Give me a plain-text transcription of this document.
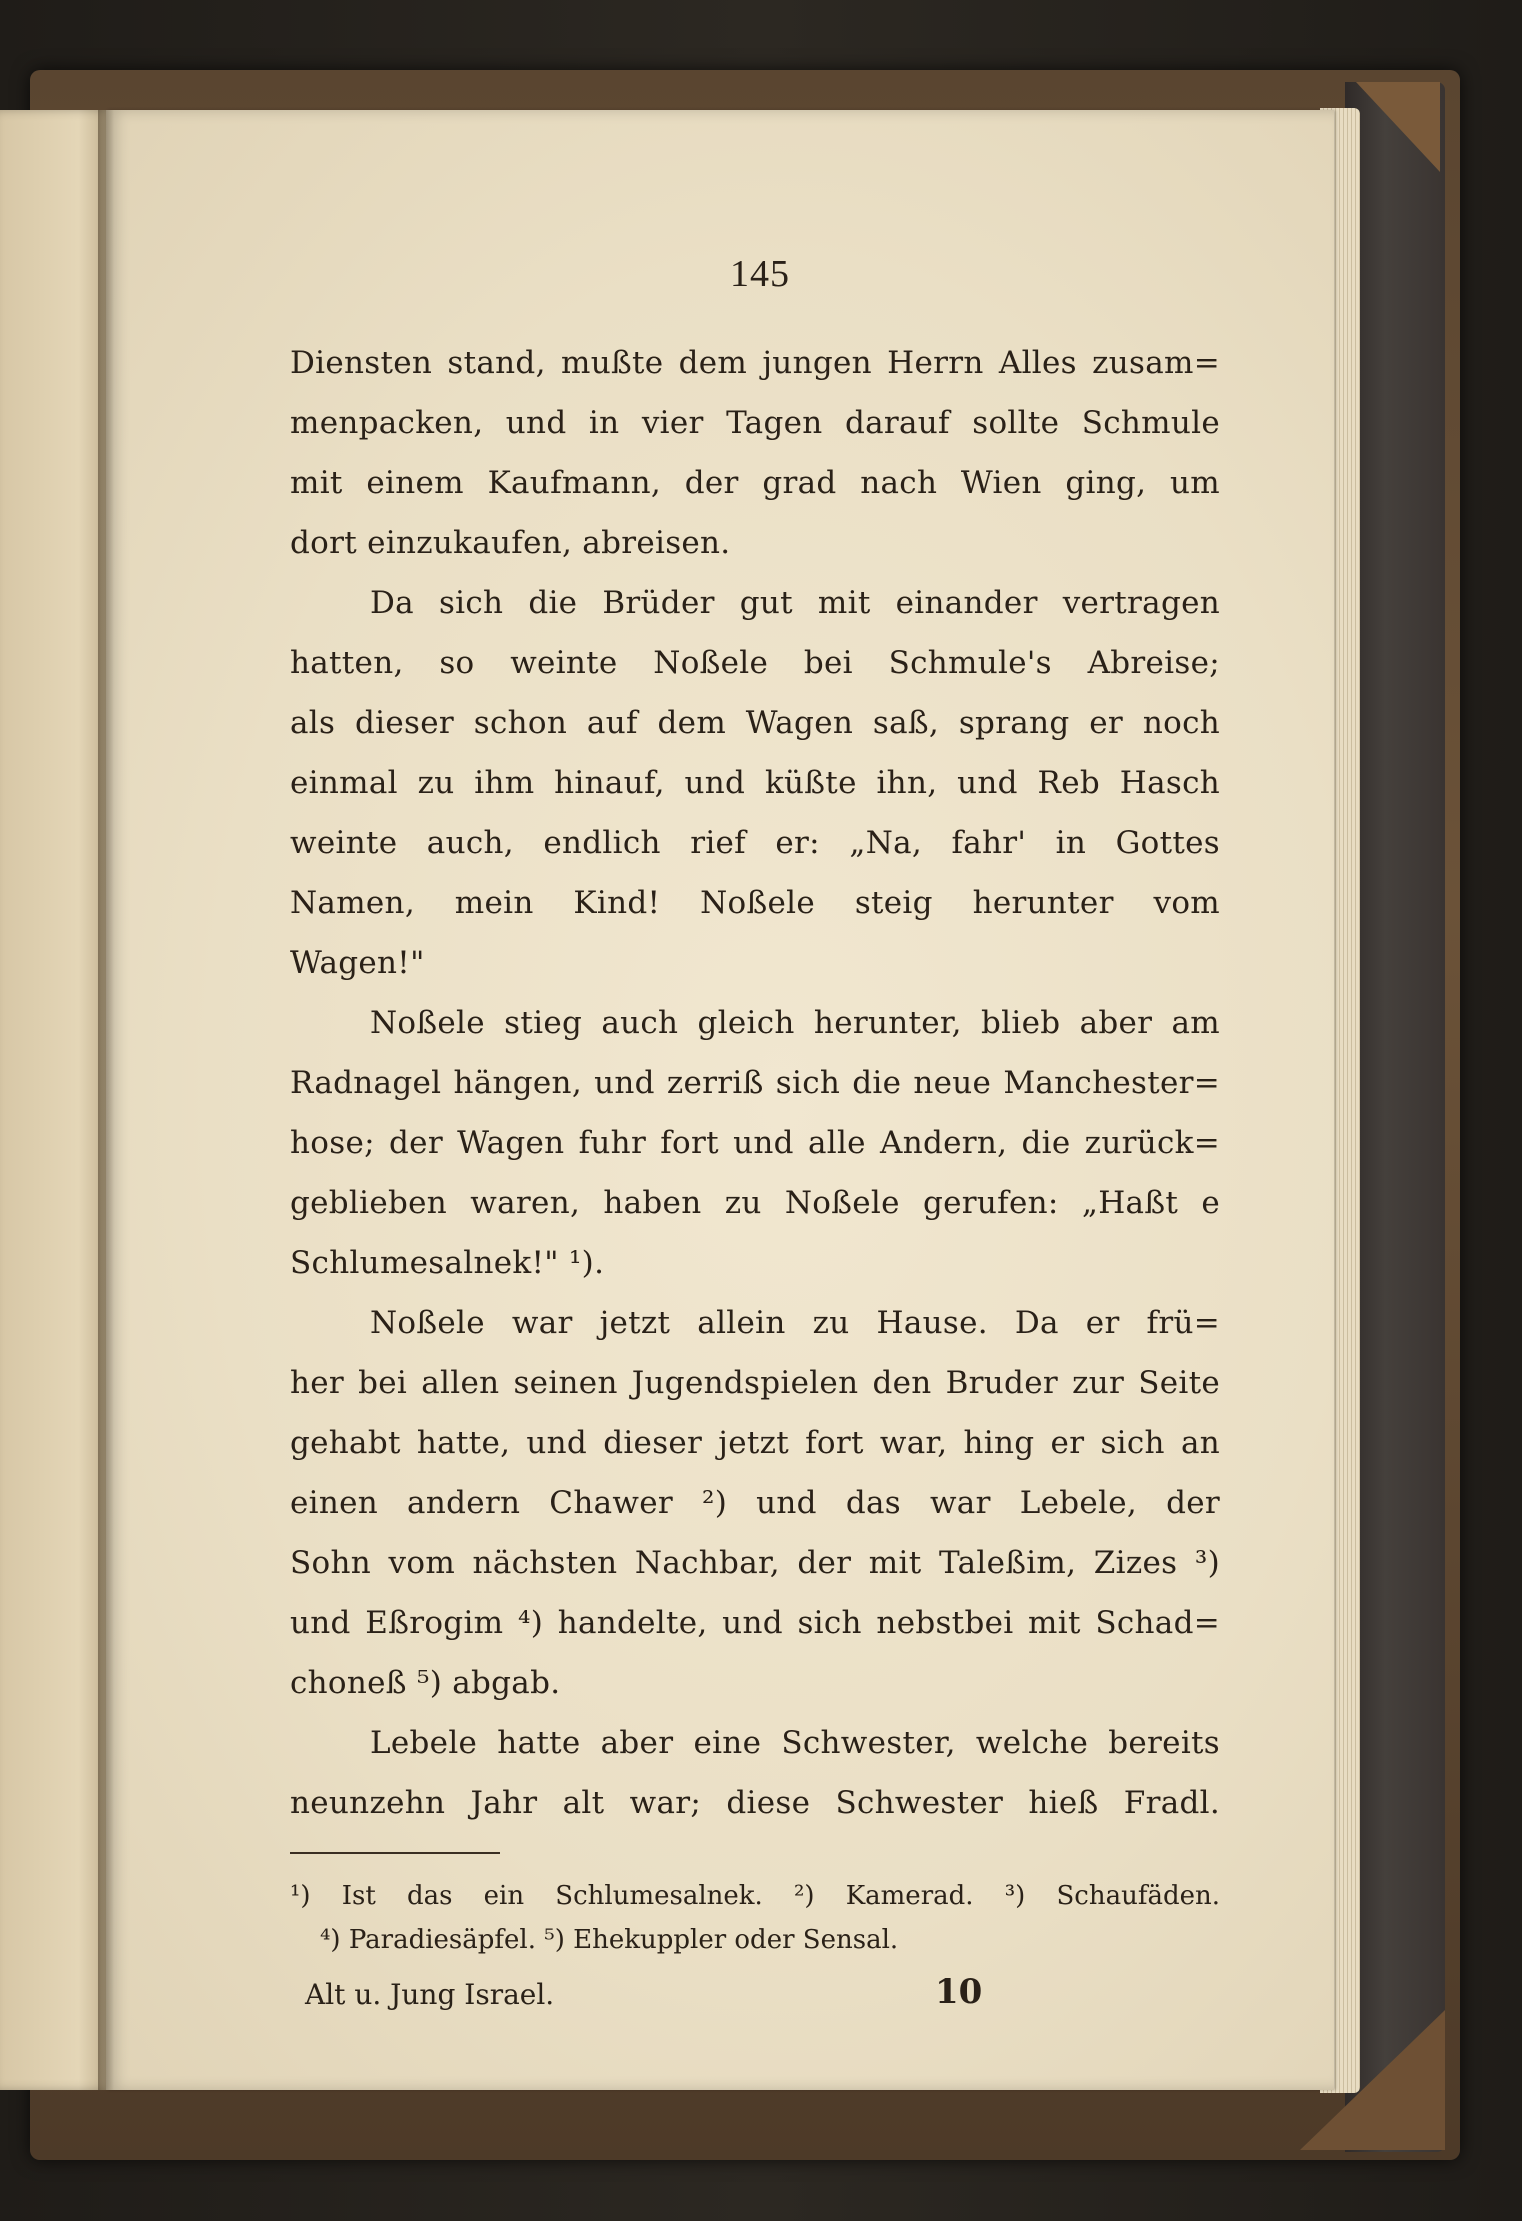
145
Diensten stand, mußte dem jungen Herrn Alles zusam=
menpacken, und in vier Tagen darauf sollte Schmule
mit einem Kaufmann, der grad nach Wien ging, um
dort einzukaufen, abreisen.
Da sich die Brüder gut mit einander vertragen
hatten, so weinte Noßele bei Schmule's Abreise;
als dieser schon auf dem Wagen saß, sprang er noch
einmal zu ihm hinauf, und küßte ihn, und Reb Hasch
weinte auch, endlich rief er: „Na, fahr' in Gottes
Namen, mein Kind! Noßele steig herunter vom
Wagen!"
Noßele stieg auch gleich herunter, blieb aber am
Radnagel hängen, und zerriß sich die neue Manchester=
hose; der Wagen fuhr fort und alle Andern, die zurück=
geblieben waren, haben zu Noßele gerufen: „Haßt e
Schlumesalnek!" ¹).
Noßele war jetzt allein zu Hause. Da er frü=
her bei allen seinen Jugendspielen den Bruder zur Seite
gehabt hatte, und dieser jetzt fort war, hing er sich an
einen andern Chawer ²) und das war Lebele, der
Sohn vom nächsten Nachbar, der mit Taleßim, Zizes ³)
und Eßrogim ⁴) handelte, und sich nebstbei mit Schad=
choneß ⁵) abgab.
Lebele hatte aber eine Schwester, welche bereits
neunzehn Jahr alt war; diese Schwester hieß Fradl.
¹) Ist das ein Schlumesalnek. ²) Kamerad. ³) Schaufäden.
⁴) Paradiesäpfel. ⁵) Ehekuppler oder Sensal.
Alt u. Jung Israel.	10
